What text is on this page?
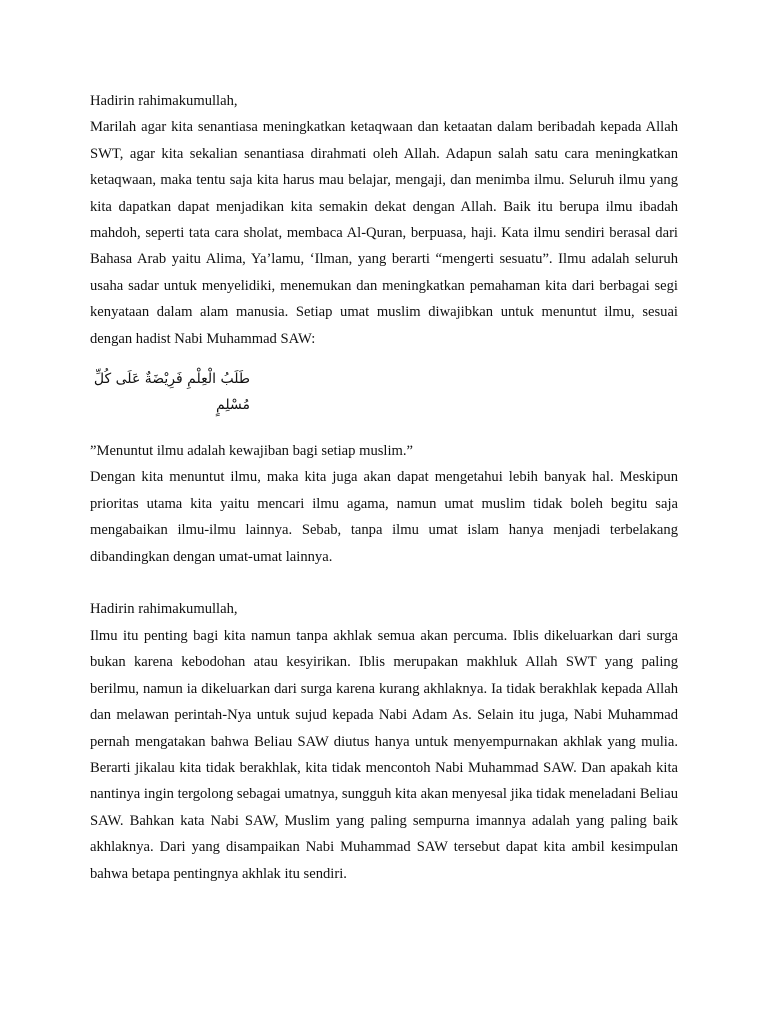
Hadirin rahimakumullah,

Marilah agar kita senantiasa meningkatkan ketaqwaan dan ketaatan dalam beribadah kepada Allah SWT, agar kita sekalian senantiasa dirahmati oleh Allah. Adapun salah satu cara meningkatkan ketaqwaan, maka tentu saja kita harus mau belajar, mengaji, dan menimba ilmu. Seluruh ilmu yang kita dapatkan dapat menjadikan kita semakin dekat dengan Allah. Baik itu berupa ilmu ibadah mahdoh, seperti tata cara sholat, membaca Al-Quran, berpuasa, haji. Kata ilmu sendiri berasal dari Bahasa Arab yaitu Alima, Ya’lamu, ‘Ilman, yang berarti “mengerti sesuatu”. Ilmu adalah seluruh usaha sadar untuk menyelidiki, menemukan dan meningkatkan pemahaman kita dari berbagai segi kenyataan dalam alam manusia. Setiap umat muslim diwajibkan untuk menuntut ilmu, sesuai dengan hadist Nabi Muhammad SAW:

طَلَبُ الْعِلْمِ فَرِيْضَةٌ عَلَى كُلِّ مُسْلِمٍ

”Menuntut ilmu adalah kewajiban bagi setiap muslim.”

Dengan kita menuntut ilmu, maka kita juga akan dapat mengetahui lebih banyak hal. Meskipun prioritas utama kita yaitu mencari ilmu agama, namun umat muslim tidak boleh begitu saja mengabaikan ilmu-ilmu lainnya. Sebab, tanpa ilmu umat islam hanya menjadi terbelakang dibandingkan dengan umat-umat lainnya.

Hadirin rahimakumullah,

Ilmu itu penting bagi kita namun tanpa akhlak semua akan percuma. Iblis dikeluarkan dari surga bukan karena kebodohan atau kesyirikan. Iblis merupakan makhluk Allah SWT yang paling berilmu, namun ia dikeluarkan dari surga karena kurang akhlaknya. Ia tidak berakhlak kepada Allah dan melawan perintah-Nya untuk sujud kepada Nabi Adam As. Selain itu juga, Nabi Muhammad pernah mengatakan bahwa Beliau SAW diutus hanya untuk menyempurnakan akhlak yang mulia. Berarti jikalau kita tidak berakhlak, kita tidak mencontoh Nabi Muhammad SAW. Dan apakah kita nantinya ingin tergolong sebagai umatnya, sungguh kita akan menyesal jika tidak meneladani Beliau SAW. Bahkan kata Nabi SAW, Muslim yang paling sempurna imannya adalah yang paling baik akhlaknya. Dari yang disampaikan Nabi Muhammad SAW tersebut dapat kita ambil kesimpulan bahwa betapa pentingnya akhlak itu sendiri.
